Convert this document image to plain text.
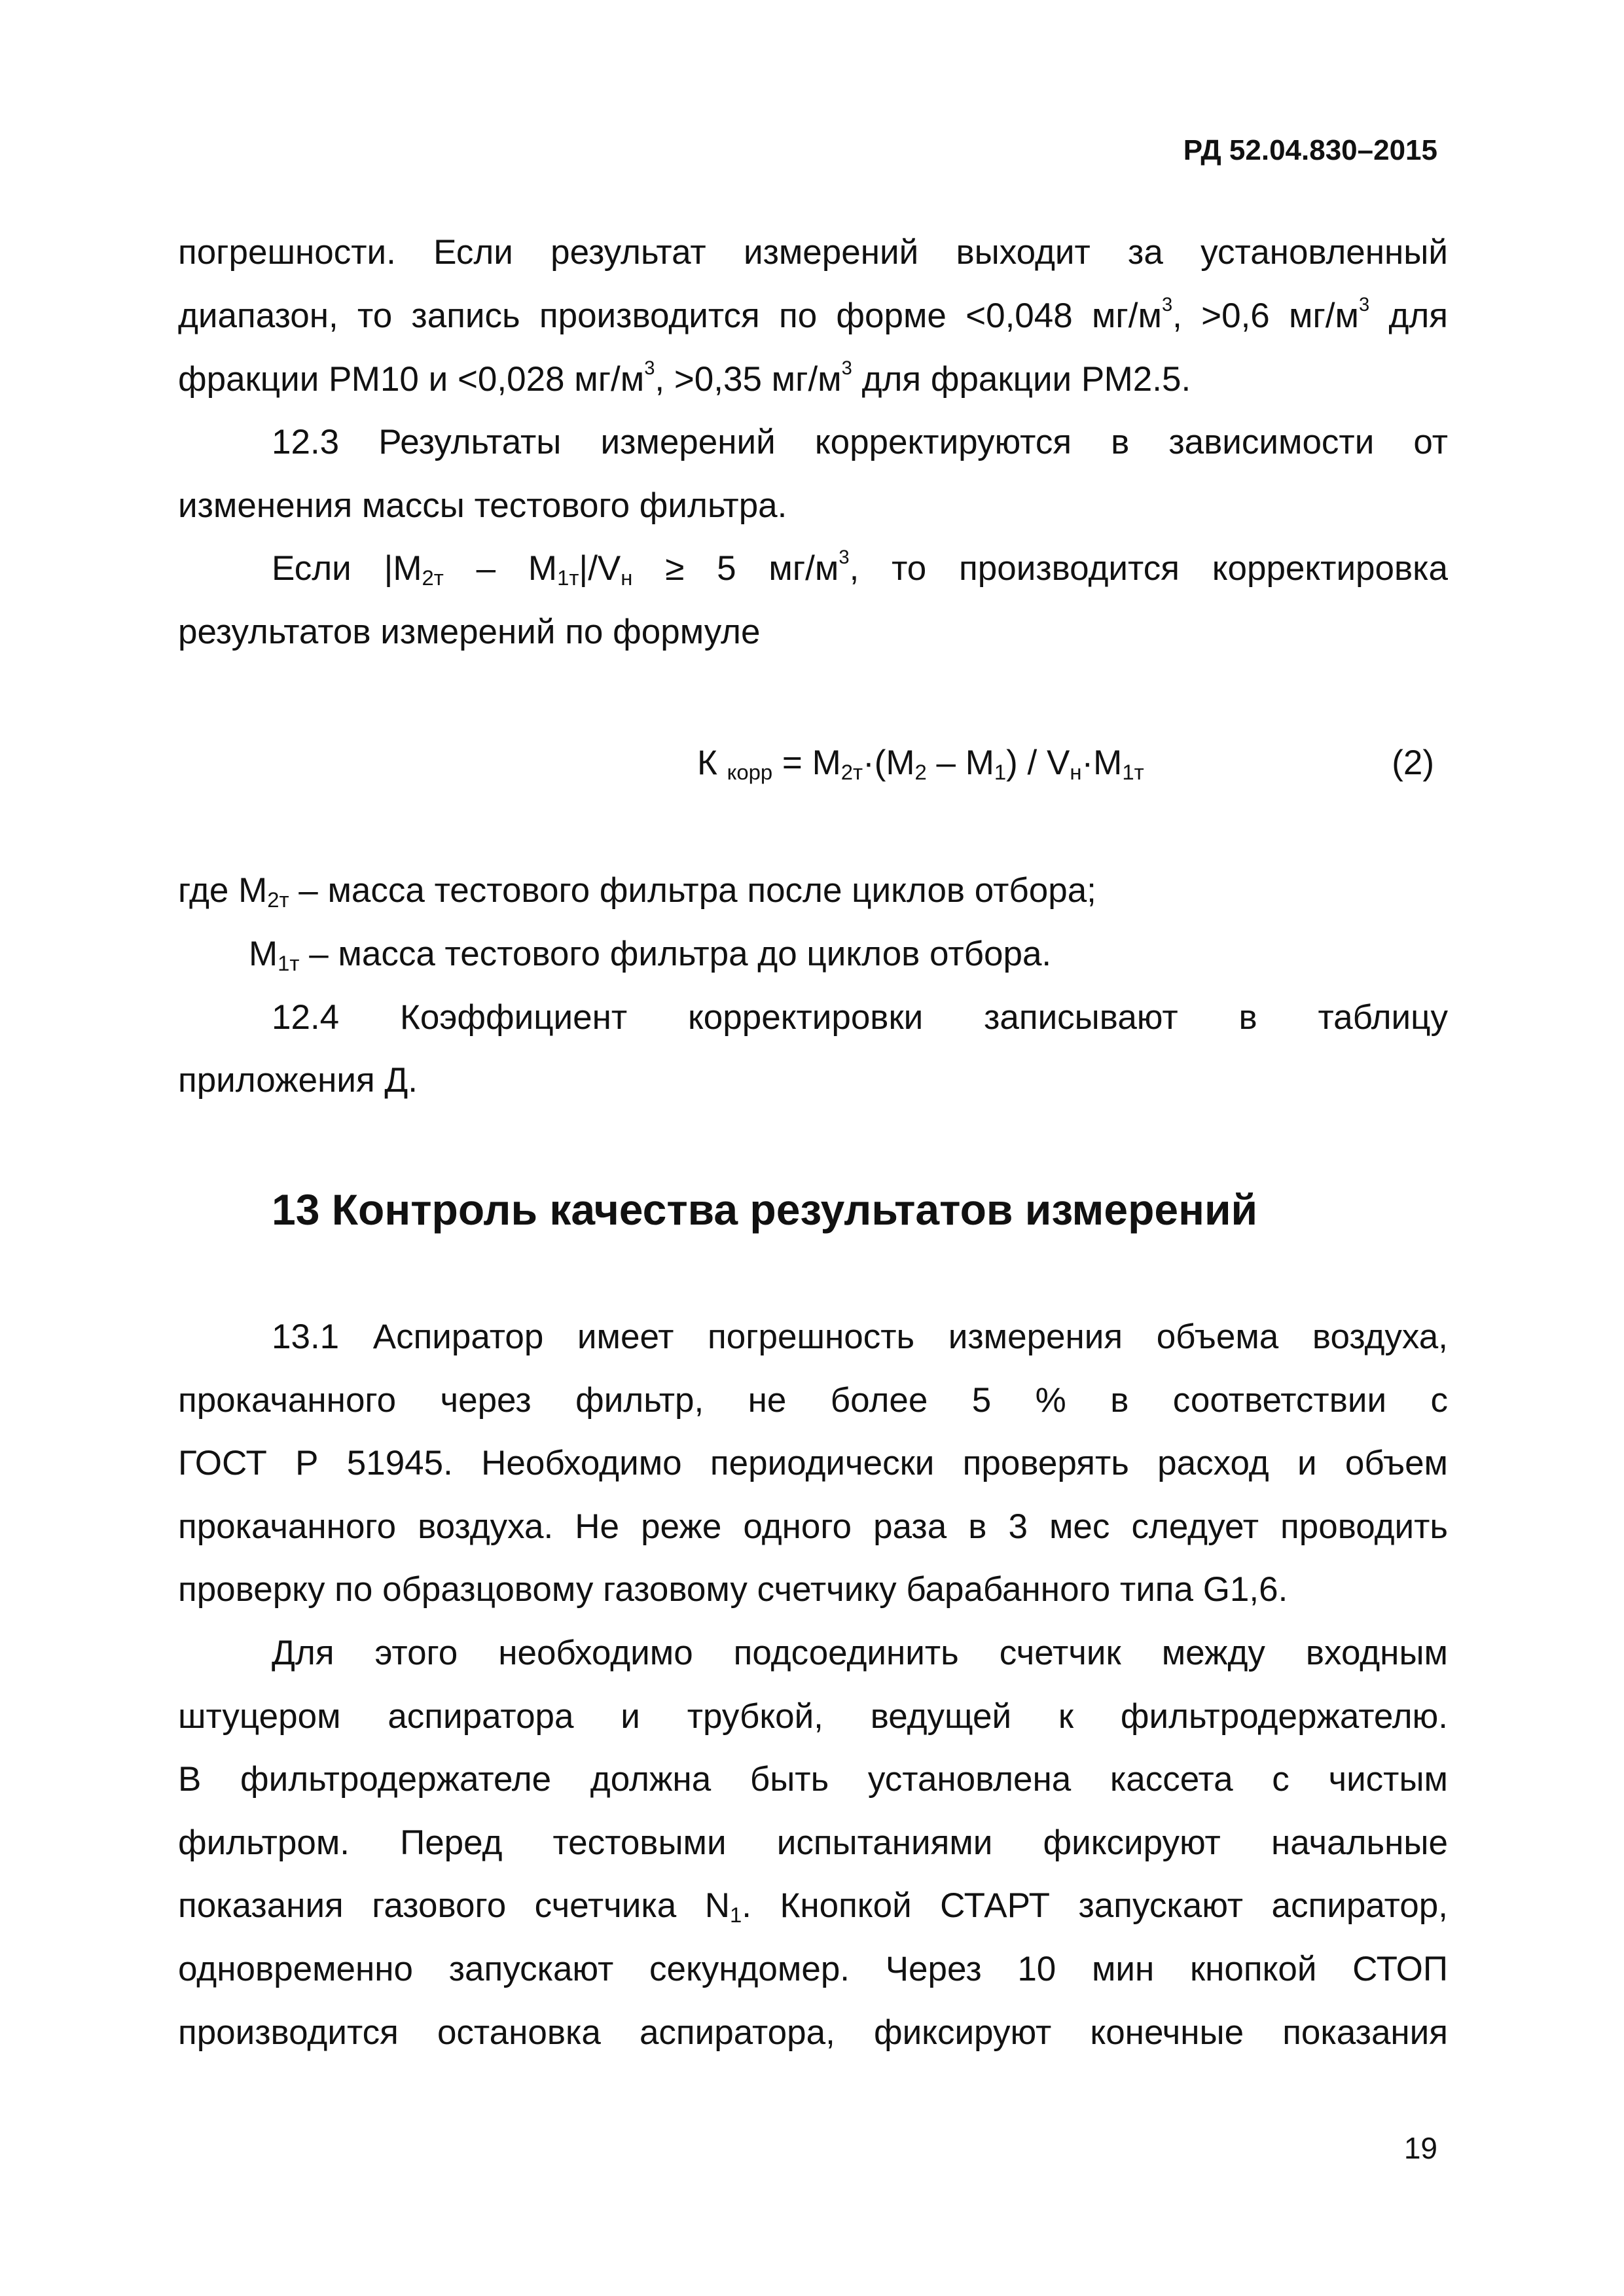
РД 52.04.830–2015
погрешности. Если результат измерений выходит за установленный
диапазон, то запись производится по форме <0,048 $мг/м^3$, >0,6 $мг/м^3$ для
фракции РМ10 и <0,028 $мг/м^3$, >0,35 $мг/м^3$ для фракции РМ2.5.
12.3 Результаты измерений корректируются в зависимости от
изменения массы тестового фильтра.
Если $|M_{2т} - M_{1т}|/V_н \ge 5$ $мг/м^3$, то производится корректировка
результатов измерений по формуле
К $_{корр} = M_{2т}\cdot(M_2 - M_1) / V_н\cdot M_{1т}$	(2)
где $M_{2т}$ – масса тестового фильтра после циклов отбора;
$M_{1т}$ – масса тестового фильтра до циклов отбора.
12.4 Коэффициент корректировки записывают в таблицу
приложения Д.
13 Контроль качества результатов измерений
13.1 Аспиратор имеет погрешность измерения объема воздуха,
прокачанного через фильтр, не более 5 % в соответствии с
ГОСТ Р 51945. Необходимо периодически проверять расход и объем
прокачанного воздуха. Не реже одного раза в 3 мес следует проводить
проверку по образцовому газовому счетчику барабанного типа G1,6.
Для этого необходимо подсоединить счетчик между входным
штуцером аспиратора и трубкой, ведущей к фильтродержателю.
В фильтродержателе должна быть установлена кассета с чистым
фильтром. Перед тестовыми испытаниями фиксируют начальные
показания газового счетчика $N_1$. Кнопкой СТАРТ запускают аспиратор,
одновременно запускают секундомер. Через 10 мин кнопкой СТОП
производится остановка аспиратора, фиксируют конечные показания
19
